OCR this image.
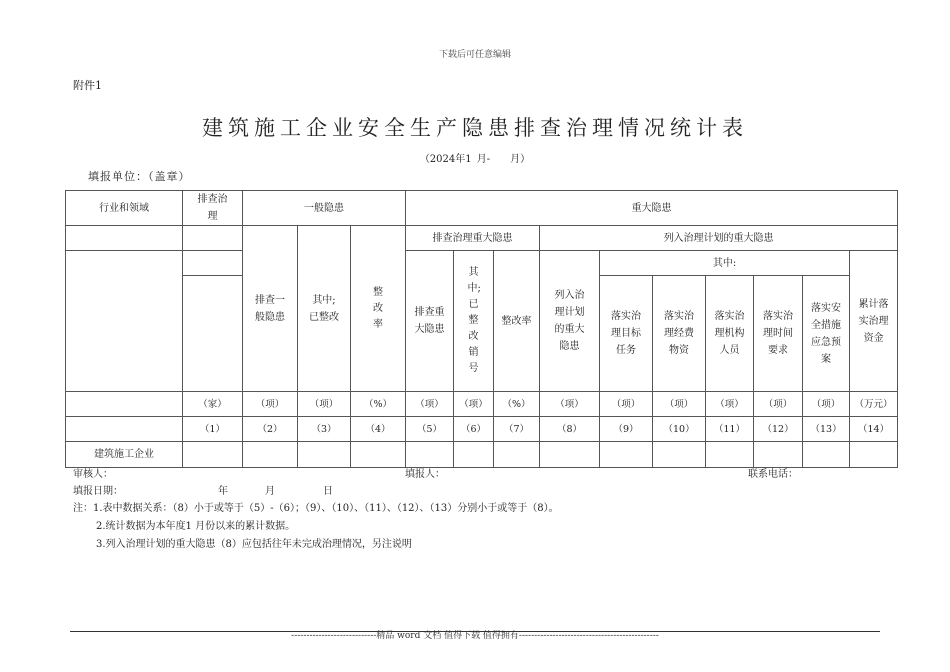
下载后可任意编辑
附件1
建筑施工企业安全生产隐患排查治理情况统计表
（2024年1 月-　　月）
填报单位：（盖章）
行业和领域	排查治理	一般隐患			重大隐患									
		排查一般隐患	其中;已整改	整改率	排查治理重大隐患			列入治理计划的重大隐患						
					排查重大隐患	其中;已整改销号	整改率	列入治理计划的重大隐患	其中:					累计落实治理资金
									落实治理目标任务	落实治理经费物资	落实治理机构人员	落实治理时间要求	落实安全措施应急预案	
	（家）	（项）	（项）	（%）	（项）	（项）	（%）	（项）	（项）	（项）	（项）	（项）	（项）	（万元）
	（1）	（2）	（3）	（4）	（5）	（6）	（7）	（8）	（9）	（10）	（11）	（12）	（13）	（14）
建筑施工企业														
审核人：	填报人：	联系电话：
填报日期：	年	月	日
注：1.表中数据关系：（8）小于或等于（5）-（6）；（9）、（10）、（11）、（12）、（13）分别小于或等于（8）。
2.统计数据为本年度1 月份以来的累计数据。
3.列入治理计划的重大隐患（8）应包括往年未完成治理情况，另注说明
----------------------------精品 word 文档 值得下载 值得拥有----------------------------------------------
